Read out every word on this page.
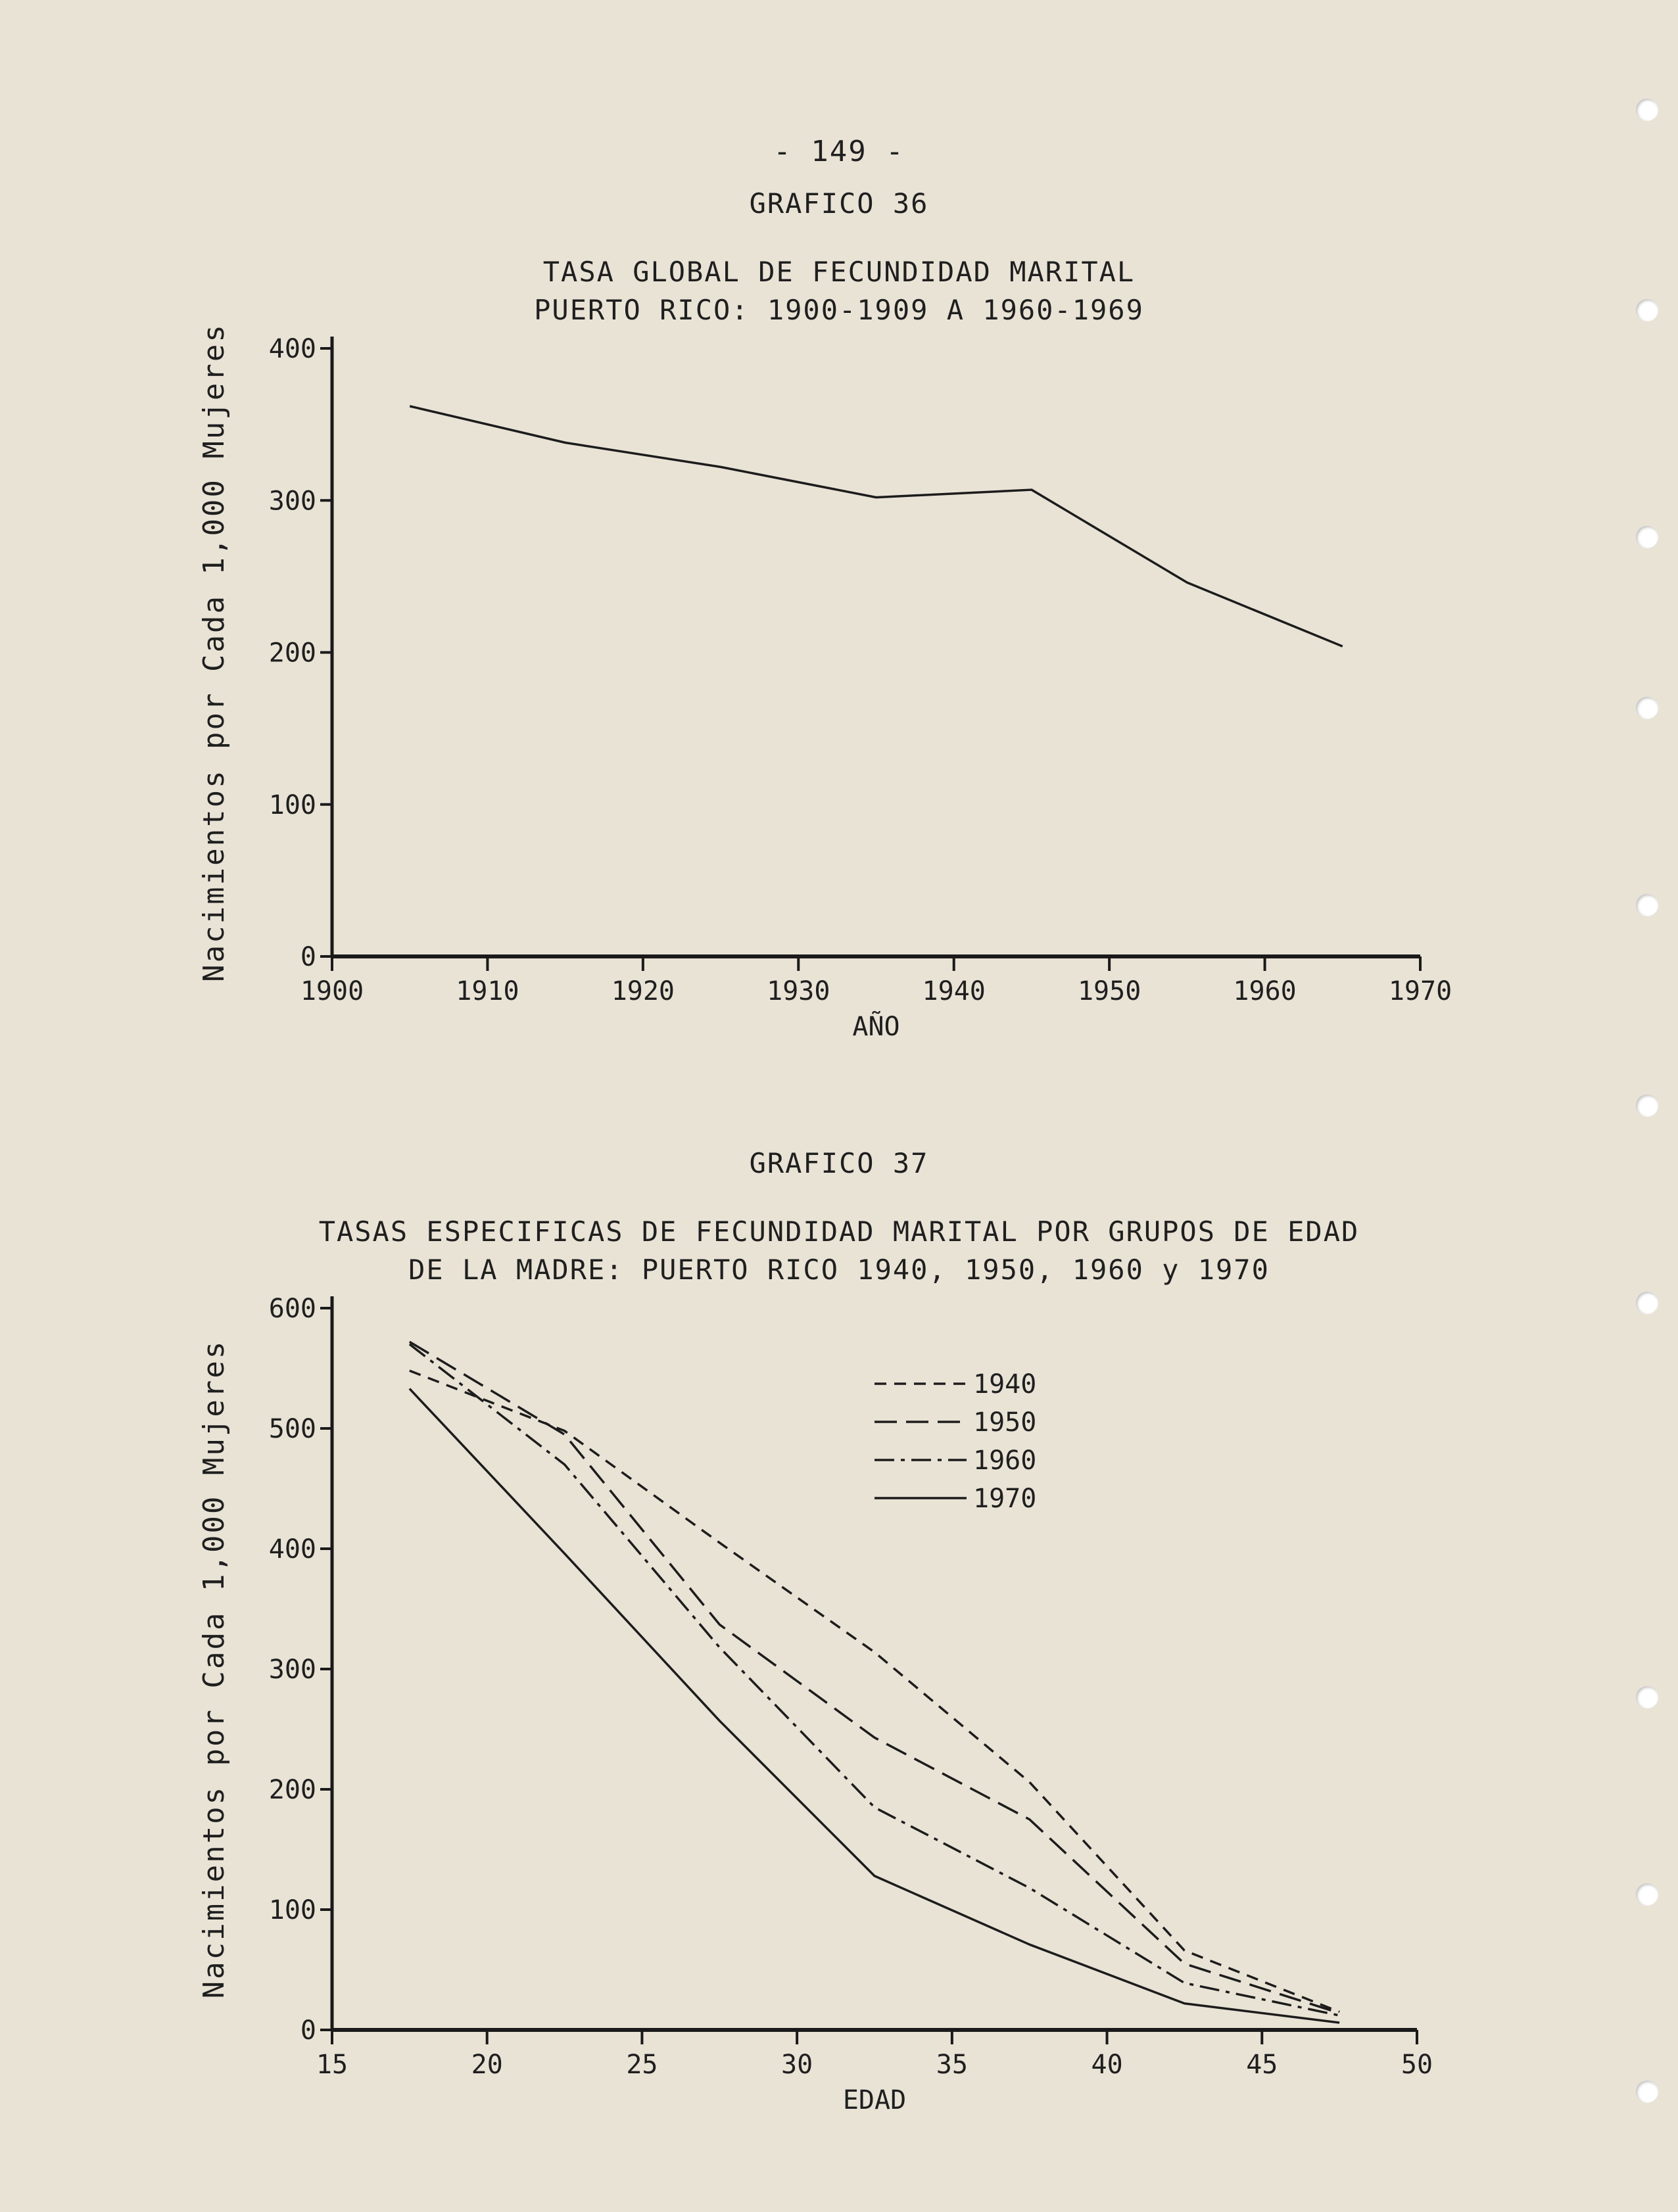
- 149 -
GRAFICO 36
TASA GLOBAL DE FECUNDIDAD MARITAL
PUERTO RICO: 1900-1909 A 1960-1969
0
100
200
300
400
1900	1910	1920	1930	1940	1950	1960	1970
AÑO
Nacimientos por Cada 1,000 Mujeres
GRAFICO 37
TASAS ESPECIFICAS DE FECUNDIDAD MARITAL POR GRUPOS DE EDAD
DE LA MADRE: PUERTO RICO 1940, 1950, 1960 y 1970
0
100
200
300
400
500
600
15	20	25	30	35	40	45	50
EDAD
Nacimientos por Cada 1,000 Mujeres	1940
1950
1960
1970
